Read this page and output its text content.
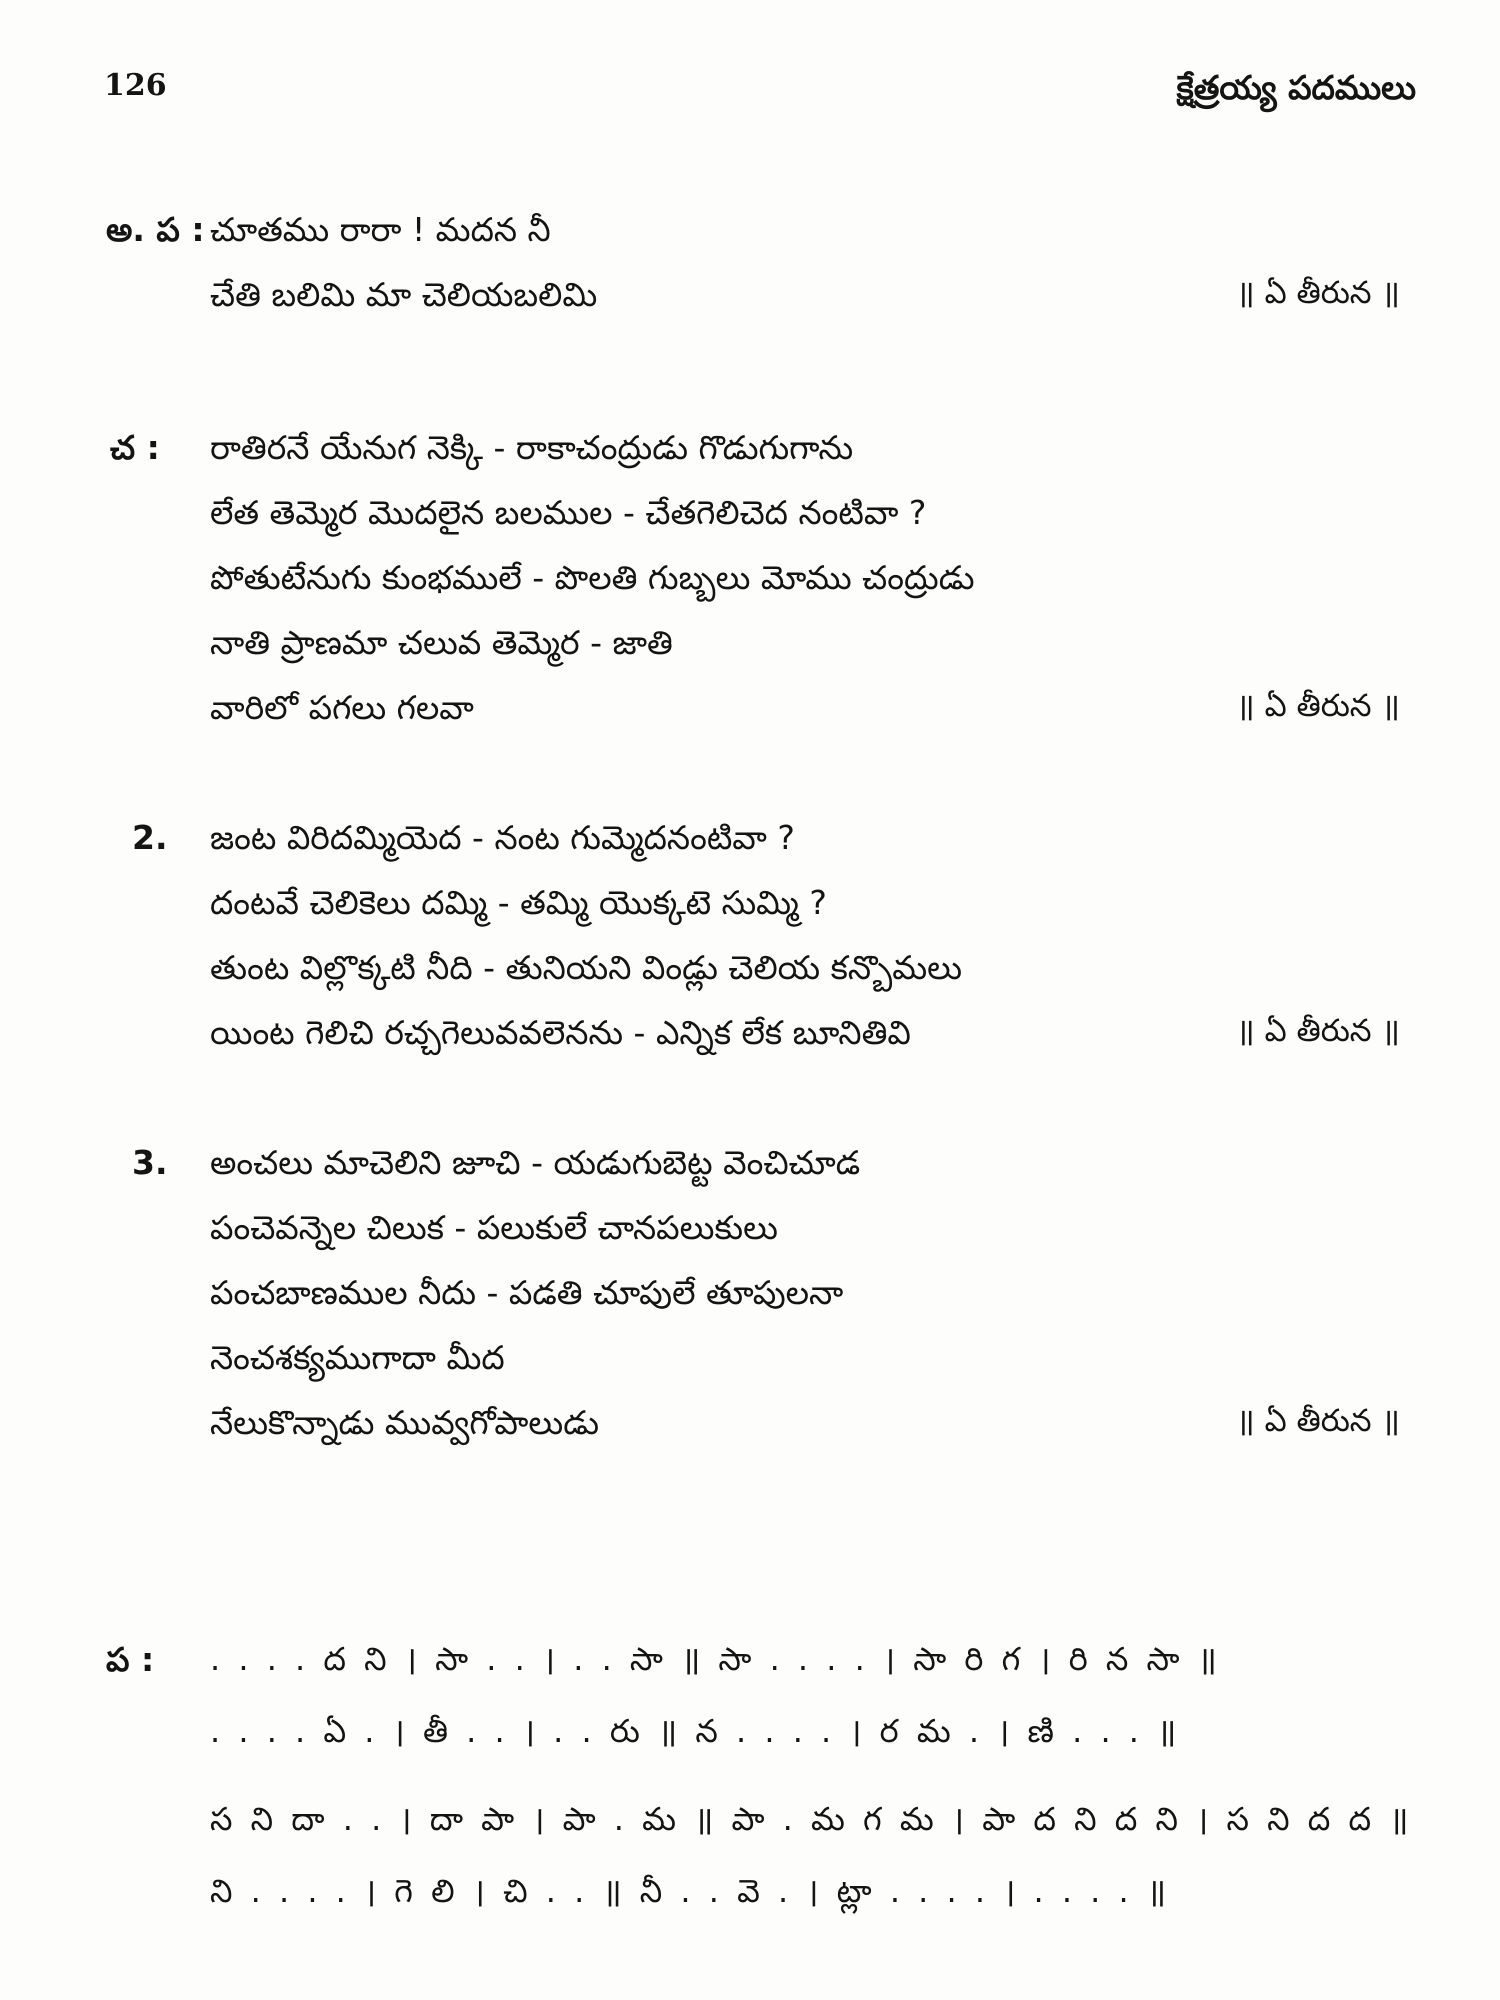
126	క్షేత్రయ్య పదములు
అ. ప : చూతము రారా ! మదన నీ
చేతి బలిమి మా చెలియబలిమి	॥ ఏ తీరున ॥
చ : రాతిరనే యేనుగ నెక్కి - రాకాచంద్రుడు గొడుగుగాను
లేత తెమ్మెర మొదలైన బలముల - చేతగెలిచెద నంటివా ?
పోతుటేనుగు కుంభములే - పొలతి గుబ్బలు మోము చంద్రుడు
నాతి ప్రాణమా చలువ తెమ్మెర - జాతి
వారిలో పగలు గలవా	॥ ఏ తీరున ॥
2. జంట విరిదమ్మియెద - నంట గుమ్మెదనంటివా ?
దంటవే చెలికెలు దమ్మి - తమ్మి యొక్కటె సుమ్మి ?
తుంట విల్లొక్కటి నీది - తునియని విండ్లు చెలియ కన్బొమలు
యింట గెలిచి రచ్చగెలువవలెనను - ఎన్నిక లేక బూనితివి	॥ ఏ తీరున ॥
3. అంచలు మాచెలిని జూచి - యడుగుబెట్ట వెంచిచూడ
పంచెవన్నెల చిలుక - పలుకులే చానపలుకులు
పంచబాణముల నీదు - పడతి చూపులే తూపులనా
నెంచశక్యముగాదా మీద
నేలుకొన్నాడు మువ్వగోపాలుడు	॥ ఏ తీరున ॥
ప : . . . . ద ని । సా . . । . . సా ॥ సా . . . . । సా రి గ । రి న సా ॥
. . . . ఏ . । తీ . . । . . రు ॥ న . . . . । ర మ . । ణి . . . ॥
స ని దా . . । దా పా । పా . మ ॥ పా . మ గ మ । పా ద ని ద ని । స ని ద ద ॥
ని . . . . । గె లి । చి . . ॥ నీ . . వె . । ట్లా . . . . । . . . . ॥
